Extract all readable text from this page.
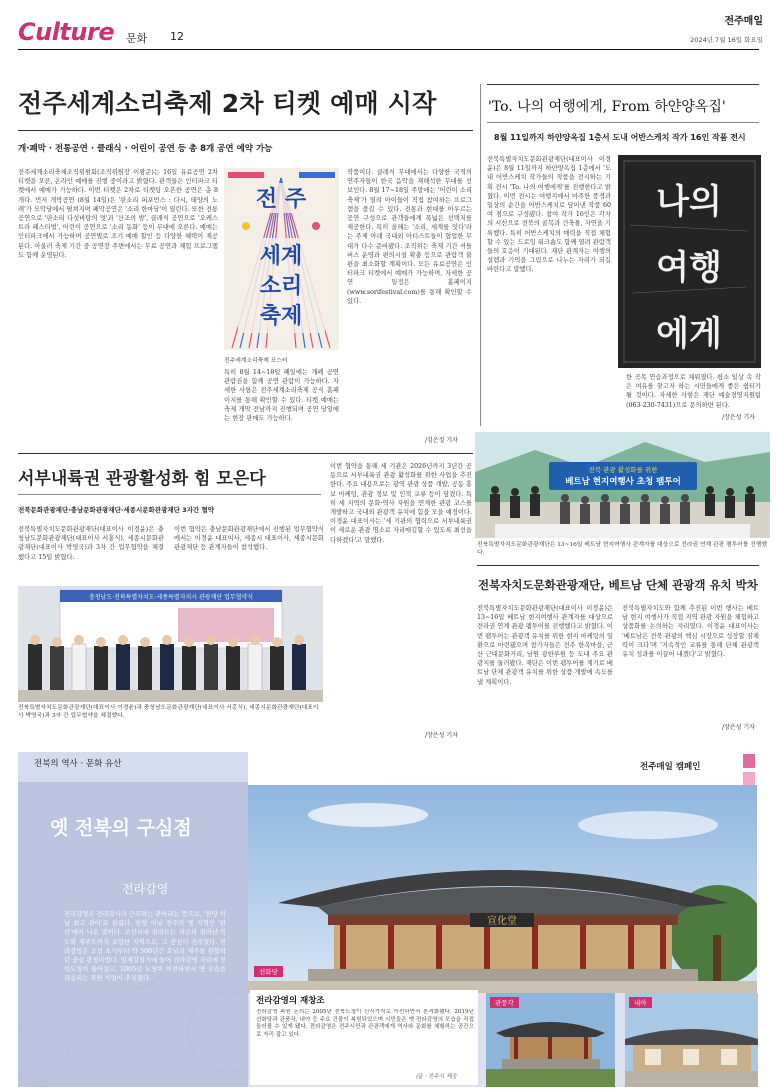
Culture 문화 12
전주매일
2024년 7월 16일 화요일
전주세계소리축제 2차 티켓 예매 시작
개·폐막 · 전통공연 · 클래식 · 어린이 공연 등 총 8개 공연 예약 가능
전주세계소리축제조직위원회(조직위원장 이왕준)는 16일 유료공연 2차 티켓을 오픈, 온라인 예매를 진행 중이라고 밝혔다. 관객들은 인터파크 티켓에서 예매가 가능하다. 이번 티켓은 2차로 티켓팅 오픈한 공연은 총 8개다. 먼저 개막공연 (8월 14일)은 '판소리 퍼포먼스 : 다시, 태양의 노래'가 모악당에서 펼쳐지며 폐막공연은 '소리 한마당'이 열린다. 또한 전통공연으로 '판소리 다섯바탕의 멋'과 '산조의 밤', 클래식 공연으로 '오케스트라 페스티벌', 어린이 공연으로 '소리 동화' 등이 무대에 오른다. 예매는 인터파크에서 가능하며 공연별로 조기 예매 할인 등 다양한 혜택이 제공된다. 아울러 축제 기간 중 공연장 주변에서는 무료 공연과 체험 프로그램도 함께 운영된다.
전 주
세계
소리
축제
전주세계소리축제 포스터
특히 8월 14~18일 폐일에는 개폐 공연 관람권을 함께 공연 관람이 가능하다. 자세한 사항은 전주세계소리축제 공식 홈페이지를 통해 확인할 수 있다. 티켓 예매는 축제 개막 전날까지 진행되며 공연 당일에는 현장 판매도 가능하다.
작품이다. 클래식 무대에서는 다양한 국적의 연주자들이 한국 음악을 재해석한 무대를 선보인다. 8월 17~18일 주말에는 '어린이 소리축제'가 열려 아이들이 직접 참여하는 프로그램을 즐길 수 있다. 전통과 현대를 아우르는 공연 구성으로 관객들에게 폭넓은 선택지를 제공한다. 특히 올해는 '소리, 세계를 잇다'라는 주제 아래 국내외 아티스트들이 협업한 무대가 다수 준비됐다. 조직위는 축제 기간 셔틀버스 운영과 편의시설 확충 등으로 관람객 불편을 최소화할 계획이다. 모든 유료공연은 인터파크 티켓에서 예매가 가능하며, 자세한 공연 일정은 홈페이지(www.sorifestival.com)를 통해 확인할 수 있다.
/김은정 기자
'To. 나의 여행에게, From 하얀양옥집'
8월 11일까지 하얀양옥집 1층서 도내 어반스케치 작가 16인 작품 전시
전북특별자치도문화관광재단(대표이사 이경윤)은 8월 11일까지 하얀양옥집 1층에서 '도내 어반스케치 작가들의 작품을 전시하는 기획 전시 'To. 나의 여행에게'를 진행한다고 밝혔다. 이번 전시는 여행지에서 마주한 풍경과 일상의 순간을 어반스케치로 담아낸 작품 60여 점으로 구성됐다. 참여 작가 16인은 각자의 시선으로 전북의 골목과 건축물, 자연을 기록했다. 특히 어반스케치의 매력을 직접 체험할 수 있는 드로잉 워크숍도 함께 열려 관람객들의 호응이 기대된다. 재단 관계자는 여행의 설렘과 기억을 그림으로 나누는 자리가 되길 바란다고 말했다.
나의
여행
에게
한 곡목 연습과정으로 채워졌다. 평소 일상 속 작은 여유를 찾고자 하는 시민들에게 좋은 쉼터가 될 것이다. 자세한 사항은 재단 예술경영지원팀(063-230-7431)으로 문의하면 된다.
/장은성 기자
전북 관광 활성화를 위한
베트남 현지여행사 초청 팸투어
전북특별자치도문화관광재단은 13~16일 베트남 현지여행사 관계자를 대상으로 전라권 연계 관광 팸투어를 진행했다.
서부내륙권 관광활성화 힘 모은다
전북문화관광재단·충남문화관광재단·세종시문화관광재단 3자간 협약
전북특별자치도문화관광재단(대표이사 이경윤)은 충청남도문화관광재단(대표이사 서홍식), 세종시문화관광재단(대표이사 박영국)과 3자 간 업무협약을 체결했다고 15일 밝혔다.
이번 협약은 충남문화관광재단에서 진행된 업무협약식에서는 이경윤 대표이사, 세종시 대표이사, 세종시문화관광재단 등 관계자들이 참석했다.
충청남도·전북특별자치도·세종특별자치시 관광재단 업무협약식
전북특별자치도문화관광재단(대표이사 이경윤)과 충청남도문화관광재단(대표이사 서홍식), 세종시문화관광재단(대표이사 박영국)과 3자 간 업무협약을 체결했다.
이번 협약을 통해 세 기관은 2026년까지 3년간 공동으로 서부내륙권 관광 활성화를 위한 사업을 추진한다. 주요 내용으로는 광역 관광 상품 개발, 공동 홍보 마케팅, 관광 정보 및 인적 교류 등이 담겼다. 특히 세 지역의 문화·역사 자원을 연계한 관광 코스를 개발하고 국내외 관광객 유치에 힘을 모을 예정이다. 이경윤 대표이사는 '세 기관의 협력으로 서부내륙권이 새로운 관광 명소로 자리매김할 수 있도록 최선을 다하겠다'고 말했다.
/장은성 기자
전북자치도문화관광재단, 베트남 단체 관광객 유치 박차
전북특별자치도문화관광재단(대표이사 이경윤)은 13~16일 베트남 현지여행사 관계자를 대상으로 전라권 연계 관광 팸투어를 진행했다고 밝혔다. 이번 팸투어는 관광객 유치를 위한 현지 마케팅의 일환으로 마련됐으며 참가자들은 전주 한옥마을, 군산 근대문화거리, 남원 광한루원 등 도내 주요 관광지를 둘러봤다. 재단은 이번 팸투어를 계기로 베트남 단체 관광객 유치를 위한 상품 개발에 속도를 낼 계획이다.
전북특별자치도와 함께 추진된 이번 행사는 베트남 현지 여행사가 직접 지역 관광 자원을 체험하고 상품화를 논의하는 자리였다. 이경윤 대표이사는 '베트남은 전북 관광의 핵심 시장으로 성장할 잠재력이 크다'며 '지속적인 교류를 통해 단체 관광객 유치 성과를 이끌어 내겠다'고 밝혔다.
/장은성 기자
전북의 역사 · 문화 유산
옛 전북의 구심점
전라감영
전라감영은 전라감사가 근무하는 관아라는 뜻으로, '한양 이남 최고 관아'로 불렸다. 한양 이남 전주의 옛 지명인 '완산'에서 나온 말이다. 조선시대 전라도는 지금의 전라남·북도와 제주도까지 포함한 지역으로, 그 중심이 전주였다. 전라감영은 조선 초기부터 약 500년간 호남과 제주를 관할하던 중심 관청이었다. 일제강점기에 들어 전라감영 자리에 전북도청이 들어섰고, 2005년 도청이 이전하면서 옛 모습을 되살리는 복원 사업이 추진됐다.
전주매일 캠페인
宣化堂
선화당
전라감영의 재창조
전라감영 복원 논의는 2005년 전북도청이 신시가지로 이전하면서 본격화됐다. 2019년 선화당과 관풍각, 내아 등 주요 건물이 복원되었으며 시민들은 옛 전라감영의 모습을 직접 둘러볼 수 있게 됐다. 전라감영은 전주시민과 관광객에게 역사와 문화를 체험하는 공간으로 자리 잡고 있다.
/글 · 전주시 제공
관풍각	내아
